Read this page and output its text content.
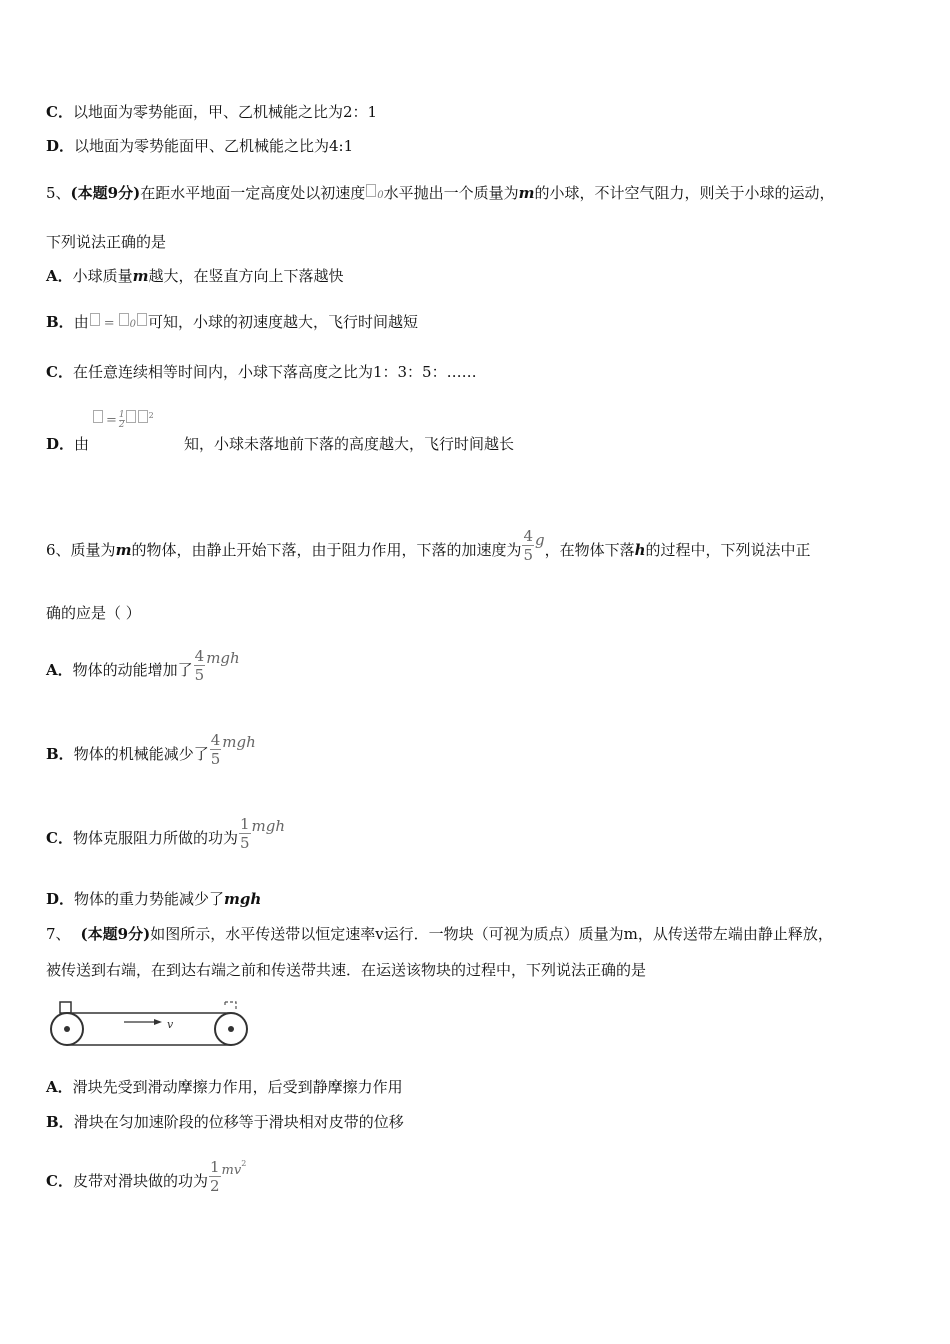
C．以地面为零势能面，甲、乙机械能之比为2：1
D．以地面为零势能面甲、乙机械能之比为4:1
5、(本题9分)在距水平地面一定高度处以初速度 0水平抛出一个质量为m的小球，不计空气阻力，则关于小球的运动，
下列说法正确的是
A．小球质量m越大，在竖直方向上下落越快
B．由 = 0 可知，小球的初速度越大，飞行时间越短
C．在任意连续相等时间内，小球下落高度之比为1：3：5：……
= $\frac{1}{2}$	$^2$
D．由	知，小球未落地前下落的高度越大，飞行时间越长
6、质量为m的物体，由静止开始下落，由于阻力作用，下落的加速度为 $\frac{4}{5}$ g，在物体下落h的过程中，下列说法中正
确的应是（ ）
A．物体的动能增加了 $\frac{4}{5}$ mgh
B．物体的机械能减少了 $\frac{4}{5}$ mgh
C．物体克服阻力所做的功为 $\frac{1}{5}$ mgh
D．物体的重力势能减少了mgh
7、 (本题9分)如图所示，水平传送带以恒定速率v运行．一物块（可视为质点）质量为m，从传送带左端由静止释放，
被传送到右端，在到达右端之前和传送带共速．在运送该物块的过程中，下列说法正确的是
v
A．滑块先受到滑动摩擦力作用，后受到静摩擦力作用
B．滑块在匀加速阶段的位移等于滑块相对皮带的位移
C．皮带对滑块做的功为 $\frac{1}{2} mv^2$
